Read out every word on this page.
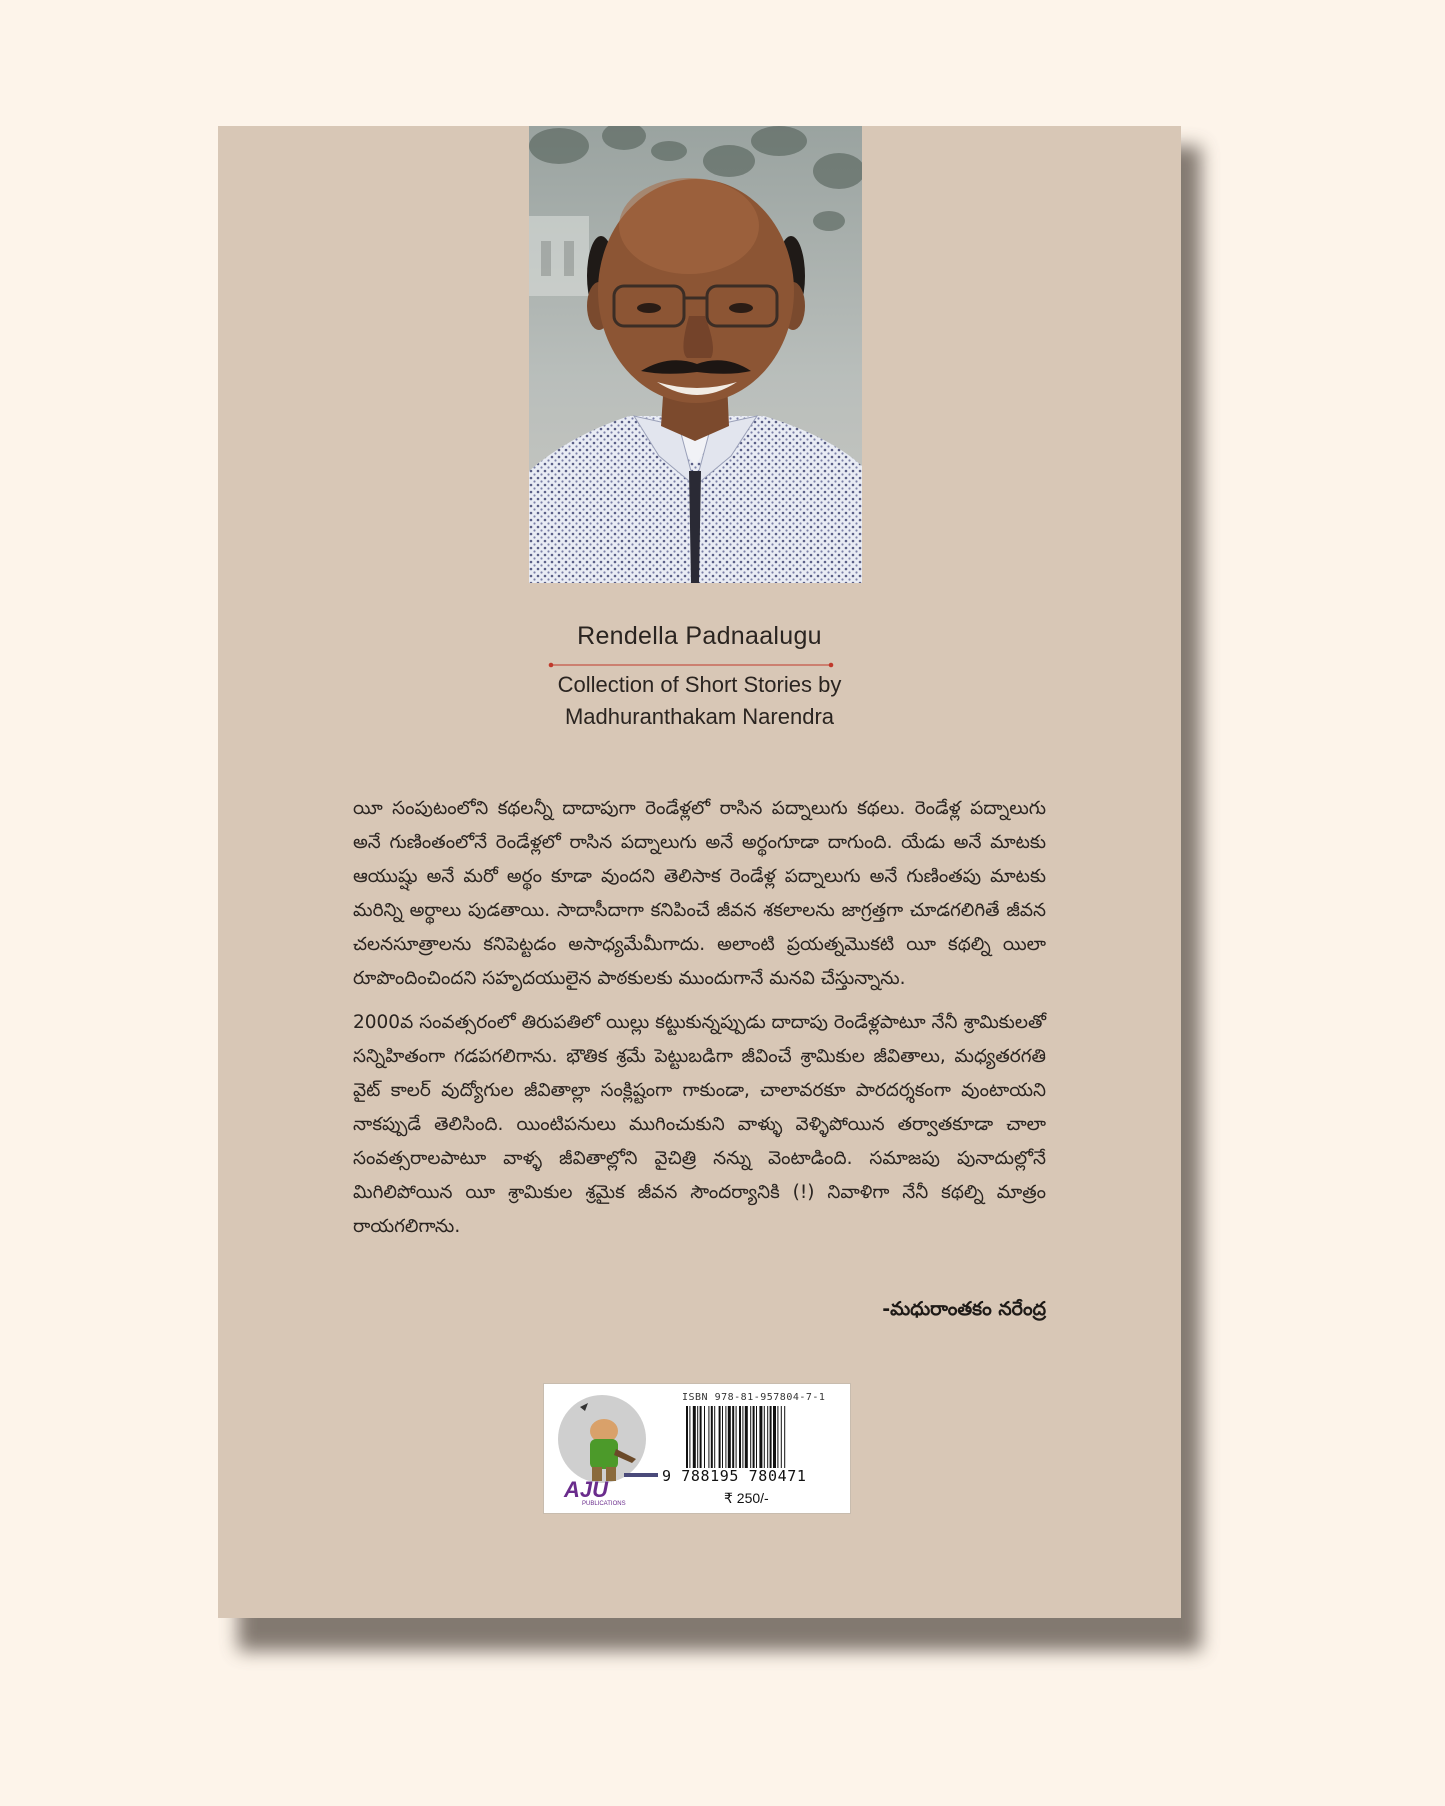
Rendella Padnaalugu
Collection of Short Stories by
Madhuranthakam Narendra

యీ సంపుటంలోని కథలన్నీ దాదాపుగా రెండేళ్లలో రాసిన పద్నాలుగు కథలు. రెండేళ్ల పద్నాలుగు అనే గుణింతంలోనే రెండేళ్లలో రాసిన పద్నాలుగు అనే అర్థంగూడా దాగుంది. యేడు అనే మాటకు ఆయుష్షు అనే మరో అర్థం కూడా వుందని తెలిసాక రెండేళ్ల పద్నాలుగు అనే గుణింతపు మాటకు మరిన్ని అర్థాలు పుడతాయి. సాదాసీదాగా కనిపించే జీవన శకలాలను జాగ్రత్తగా చూడగలిగితే జీవన చలనసూత్రాలను కనిపెట్టడం అసాధ్యమేమీగాదు. అలాంటి ప్రయత్నమొకటి యీ కథల్ని యిలా రూపొందించిందని సహృదయులైన పాఠకులకు ముందుగానే మనవి చేస్తున్నాను.

2000వ సంవత్సరంలో తిరుపతిలో యిల్లు కట్టుకున్నప్పుడు దాదాపు రెండేళ్లపాటూ నేనీ శ్రామికులతో సన్నిహితంగా గడపగలిగాను. భౌతిక శ్రమే పెట్టుబడిగా జీవించే శ్రామికుల జీవితాలు, మధ్యతరగతి వైట్ కాలర్ వుద్యోగుల జీవితాల్లా సంక్లిష్టంగా గాకుండా, చాలావరకూ పారదర్శకంగా వుంటాయని నాకప్పుడే తెలిసింది. యింటిపనులు ముగించుకుని వాళ్ళు వెళ్ళిపోయిన తర్వాతకూడా చాలా సంవత్సరాలపాటూ వాళ్ళ జీవితాల్లోని వైచిత్రి నన్ను వెంటాడింది. సమాజపు పునాదుల్లోనే మిగిలిపోయిన యీ శ్రామికుల శ్రమైక జీవన సౌందర్యానికి (!) నివాళిగా నేనీ కథల్ని మాత్రం రాయగలిగాను.

-మధురాంతకం నరేంద్ర
AJU
PUBLICATIONS
ISBN 978-81-957804-7-1
9 788195 780471
₹ 250/-
